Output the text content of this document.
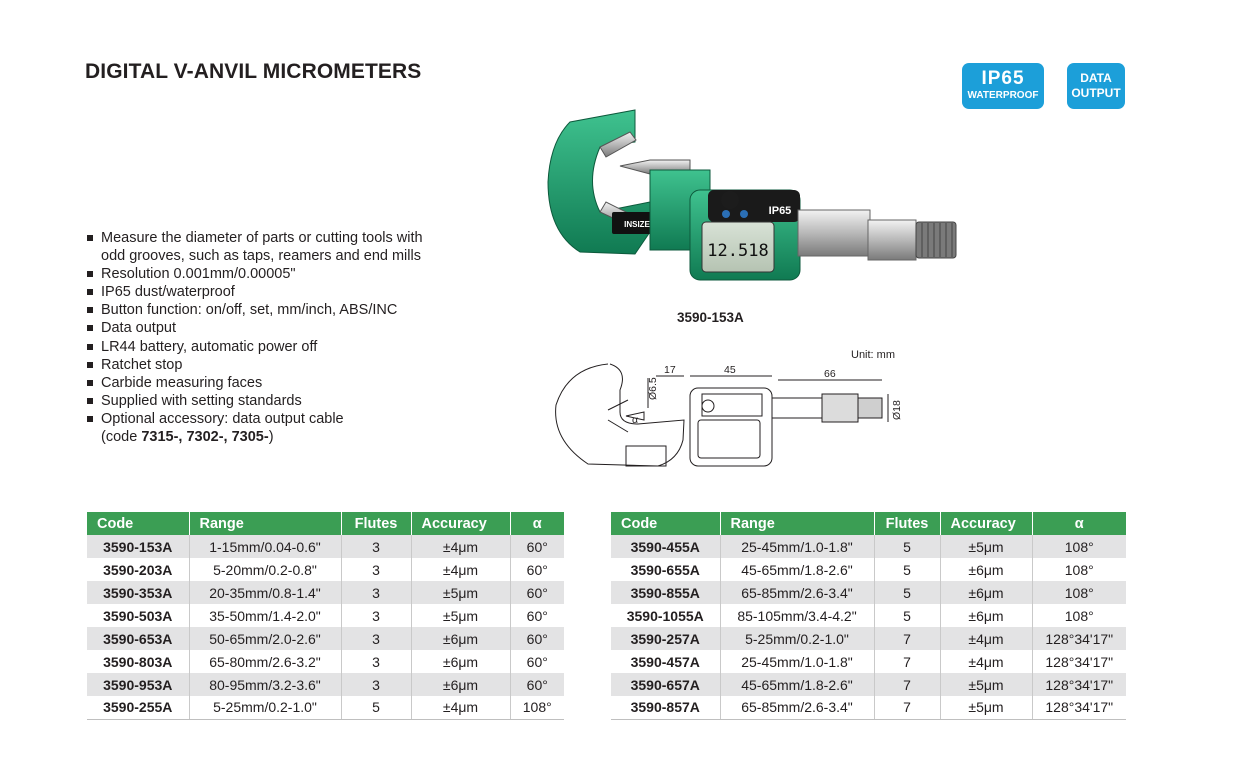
DIGITAL V-ANVIL MICROMETERS	IP65
WATERPROOF
DATA
OUTPUT
Measure the diameter of parts or cutting tools with
odd grooves, such as taps, reamers and end mills
Resolution 0.001mm/0.00005"
IP65 dust/waterproof
Button function: on/off, set, mm/inch, ABS/INC
Data output
LR44 battery, automatic power off
Ratchet stop
Carbide measuring faces
Supplied with setting standards
Optional accessory: data output cable
(code 7315-, 7302-, 7305-)
INSIZE
IP65
12.518
3590-153A
Unit: mm
17	45	66
Ø6.5
Ø18
α
Code	Range	Flutes	Accuracy	α
3590-153A	1-15mm/0.04-0.6"	3	±4μm	60°
3590-203A	5-20mm/0.2-0.8"	3	±4μm	60°
3590-353A	20-35mm/0.8-1.4"	3	±5μm	60°
3590-503A	35-50mm/1.4-2.0"	3	±5μm	60°
3590-653A	50-65mm/2.0-2.6"	3	±6μm	60°
3590-803A	65-80mm/2.6-3.2"	3	±6μm	60°
3590-953A	80-95mm/3.2-3.6"	3	±6μm	60°
3590-255A	5-25mm/0.2-1.0"	5	±4μm	108°
Code	Range	Flutes	Accuracy	α
3590-455A	25-45mm/1.0-1.8"	5	±5μm	108°
3590-655A	45-65mm/1.8-2.6"	5	±6μm	108°
3590-855A	65-85mm/2.6-3.4"	5	±6μm	108°
3590-1055A	85-105mm/3.4-4.2"	5	±6μm	108°
3590-257A	5-25mm/0.2-1.0"	7	±4μm	128°34'17"
3590-457A	25-45mm/1.0-1.8"	7	±4μm	128°34'17"
3590-657A	45-65mm/1.8-2.6"	7	±5μm	128°34'17"
3590-857A	65-85mm/2.6-3.4"	7	±5μm	128°34'17"
